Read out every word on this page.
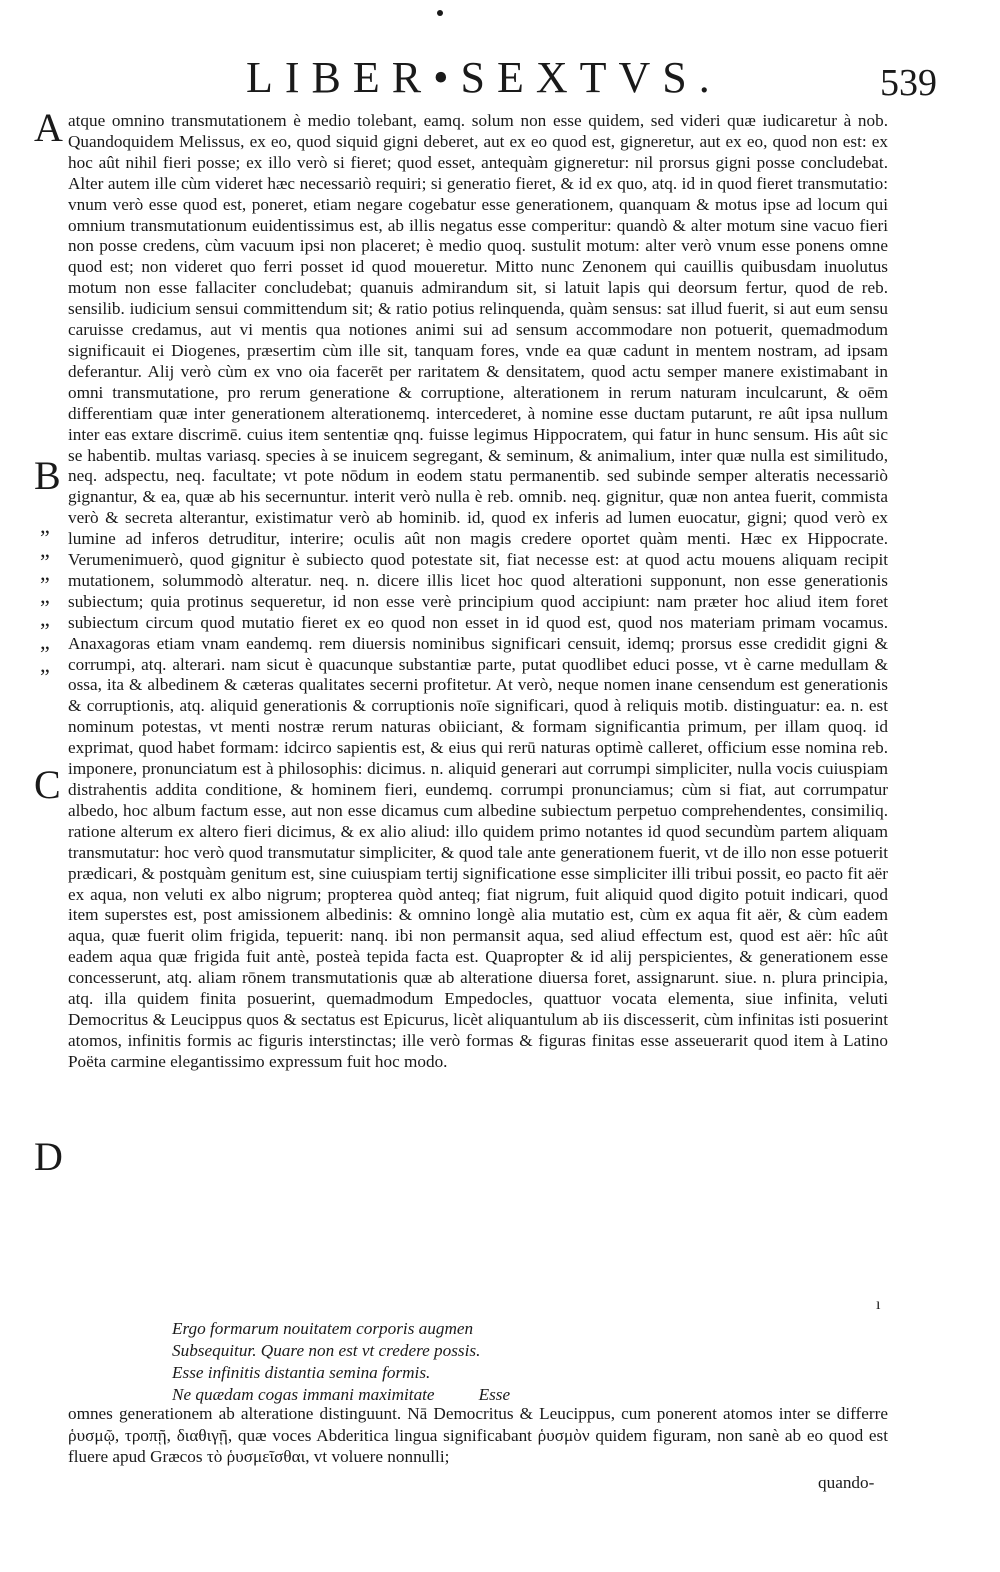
LIBER•SEXTVS.	539
A
B
C
D
„
„
„
„
„
„
„

atque omnino transmutationem è medio tolebant, eamq. solum non esse quidem, sed videri quæ iudicaretur à nob. Quandoquidem Melissus, ex eo, quod siquid gigni deberet, aut ex eo quod est, gigneretur, aut ex eo, quod non est: ex hoc aût nihil fieri posse; ex illo verò si fieret; quod esset, antequàm gigneretur: nil prorsus gigni posse concludebat. Alter autem ille cùm videret hæc necessariò requiri; si generatio fieret, & id ex quo, atq. id in quod fieret transmutatio: vnum verò esse quod est, poneret, etiam negare cogebatur esse generationem, quanquam & motus ipse ad locum qui omnium transmutationum euidentissimus est, ab illis negatus esse comperitur: quandò & alter motum sine vacuo fieri non posse credens, cùm vacuum ipsi non placeret; è medio quoq. sustulit motum: alter verò vnum esse ponens omne quod est; non videret quo ferri posset id quod moueretur. Mitto nunc Zenonem qui cauillis quibusdam inuolutus motum non esse fallaciter concludebat; quanuis admirandum sit, si latuit lapis qui deorsum fertur, quod de reb. sensilib. iudicium sensui committendum sit; & ratio potius relinquenda, quàm sensus: sat illud fuerit, si aut eum sensu caruisse credamus, aut vi mentis qua notiones animi sui ad sensum accommodare non potuerit, quemadmodum significauit ei Diogenes, præsertim cùm ille sit, tanquam fores, vnde ea quæ cadunt in mentem nostram, ad ipsam deferantur. Alij verò cùm ex vno oia facerēt per raritatem & densitatem, quod actu semper manere existimabant in omni transmutatione, pro rerum generatione & corruptione, alterationem in rerum naturam inculcarunt, & oēm differentiam quæ inter generationem alterationemq. intercederet, à nomine esse ductam putarunt, re aût ipsa nullum inter eas extare discrimē. cuius item sententiæ qnq. fuisse legimus Hippocratem, qui fatur in hunc sensum. His aût sic se habentib. multas variasq. species à se inuicem segregant, & seminum, & animalium, inter quæ nulla est similitudo, neq. adspectu, neq. facultate; vt pote nōdum in eodem statu permanentib. sed subinde semper alteratis necessariò gignantur, & ea, quæ ab his secernuntur. interit verò nulla è reb. omnib. neq. gignitur, quæ non antea fuerit, commista verò & secreta alterantur, existimatur verò ab hominib. id, quod ex inferis ad lumen euocatur, gigni; quod verò ex lumine ad inferos detruditur, interire; oculis aût non magis credere oportet quàm menti. Hæc ex Hippocrate. Verumenimuerò, quod gignitur è subiecto quod potestate sit, fiat necesse est: at quod actu mouens aliquam recipit mutationem, solummodò alteratur. neq. n. dicere illis licet hoc quod alterationi supponunt, non esse generationis subiectum; quia protinus sequeretur, id non esse verè principium quod accipiunt: nam præter hoc aliud item foret subiectum circum quod mutatio fieret ex eo quod non esset in id quod est, quod nos materiam primam vocamus. Anaxagoras etiam vnam eandemq. rem diuersis nominibus significari censuit, idemq; prorsus esse credidit gigni & corrumpi, atq. alterari. nam sicut è quacunque substantiæ parte, putat quodlibet educi posse, vt è carne medullam & ossa, ita & albedinem & cæteras qualitates secerni profitetur. At verò, neque nomen inane censendum est generationis & corruptionis, atq. aliquid generationis & corruptionis noīe significari, quod à reliquis motib. distinguatur: ea. n. est nominum potestas, vt menti nostræ rerum naturas obiiciant, & formam significantia primum, per illam quoq. id exprimat, quod habet formam: idcirco sapientis est, & eius qui rerū naturas optimè calleret, officium esse nomina reb. imponere, pronunciatum est à philosophis: dicimus. n. aliquid generari aut corrumpi simpliciter, nulla vocis cuiuspiam distrahentis addita conditione, & hominem fieri, eundemq. corrumpi pronunciamus; cùm si fiat, aut corrumpatur albedo, hoc album factum esse, aut non esse dicamus cum albedine subiectum perpetuo comprehendentes, consimiliq. ratione alterum ex altero fieri dicimus, & ex alio aliud: illo quidem primo notantes id quod secundùm partem aliquam transmutatur: hoc verò quod transmutatur simpliciter, & quod tale ante generationem fuerit, vt de illo non esse potuerit prædicari, & postquàm genitum est, sine cuiuspiam tertij significatione esse simpliciter illi tribui possit, eo pacto fit aër ex aqua, non veluti ex albo nigrum; propterea quòd anteq; fiat nigrum, fuit aliquid quod digito potuit indicari, quod item superstes est, post amissionem albedinis: & omnino longè alia mutatio est, cùm ex aqua fit aër, & cùm eadem aqua, quæ fuerit olim frigida, tepuerit: nanq. ibi non permansit aqua, sed aliud effectum est, quod est aër: hîc aût eadem aqua quæ frigida fuit antè, posteà tepida facta est. Quapropter & id alij perspicientes, & generationem esse concesserunt, atq. aliam rōnem transmutationis quæ ab alteratione diuersa foret, assignarunt. siue. n. plura principia, atq. illa quidem finita posuerint, quemadmodum Empedocles, quattuor vocata elementa, siue infinita, veluti Democritus & Leucippus quos & sectatus est Epicurus, licèt aliquantulum ab iis discesserit, cùm infinitas isti posuerint atomos, infinitis formis ac figuris interstinctas; ille verò formas & figuras finitas esse asseuerarit quod item à Latino Poëta carmine elegantissimo expressum fuit hoc modo.

ı
Ergo formarum nouitatem corporis augmen
Subsequitur. Quare non est vt credere possis.
Esse infinitis distantia semina formis.
Ne quædam cogas immani maximitate	Esse

omnes generationem ab alteratione distinguunt. Nā Democritus & Leucippus, cum ponerent atomos inter se differre ῥυσμῷ, τροπῇ, διαθιγῇ, quæ voces Abderitica lingua significabant ῥυσμὸν quidem figuram, non sanè ab eo quod est fluere apud Græcos τὸ ῥυσμεῖσθαι, vt voluere nonnulli;

quando-
